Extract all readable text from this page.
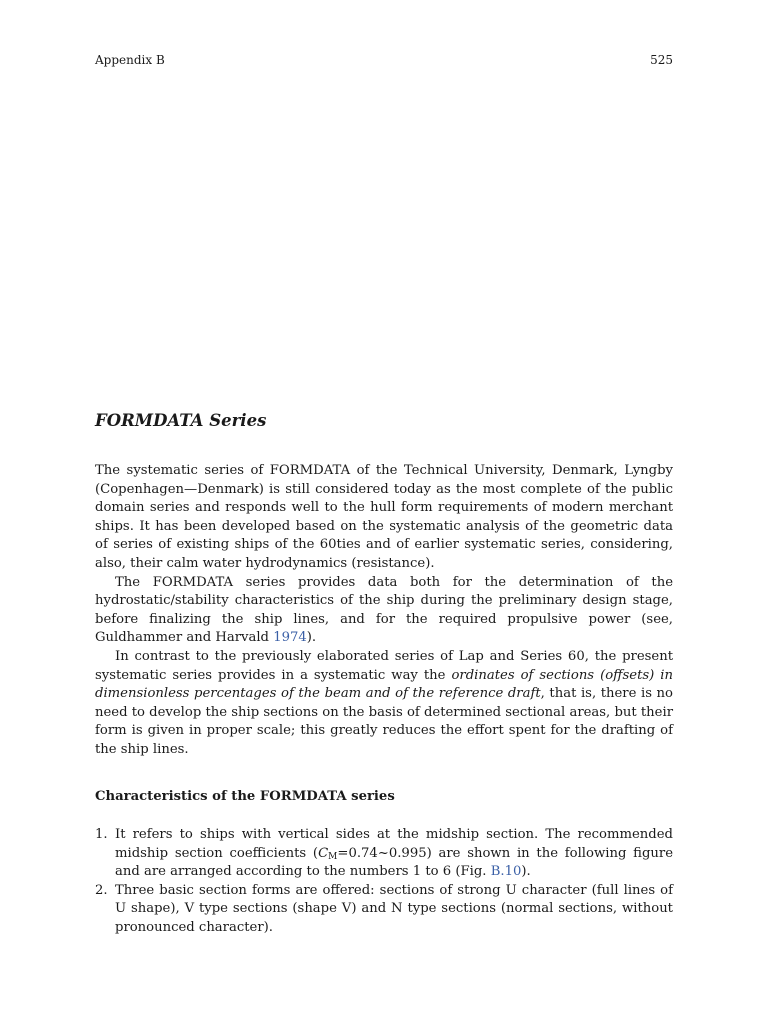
Appendix B	525
FORMDATA Series

The systematic series of FORMDATA of the Technical University, Denmark, Lyngby (Copenhagen—Denmark) is still considered today as the most complete of the public domain series and responds well to the hull form requirements of modern merchant ships. It has been developed based on the systematic analysis of the geometric data of series of existing ships of the 60ties and of earlier systematic series, considering, also, their calm water hydrodynamics (resistance).

The FORMDATA series provides data both for the determination of the hydrostatic/stability characteristics of the ship during the preliminary design stage, before finalizing the ship lines, and for the required propulsive power (see, Guldhammer and Harvald 1974).

In contrast to the previously elaborated series of Lap and Series 60, the present systematic series provides in a systematic way the ordinates of sections (offsets) in dimensionless percentages of the beam and of the reference draft, that is, there is no need to develop the ship sections on the basis of determined sectional areas, but their form is given in proper scale; this greatly reduces the effort spent for the drafting of the ship lines.

Characteristics of the FORMDATA series
1. It refers to ships with vertical sides at the midship section. The recommended midship section coefficients $(C_M=0.74\sim 0.995)$ are shown in the following figure and are arranged according to the numbers 1 to 6 (Fig. B.10).
2. Three basic section forms are offered: sections of strong U character (full lines of U shape), V type sections (shape V) and N type sections (normal sections, without pronounced character).
